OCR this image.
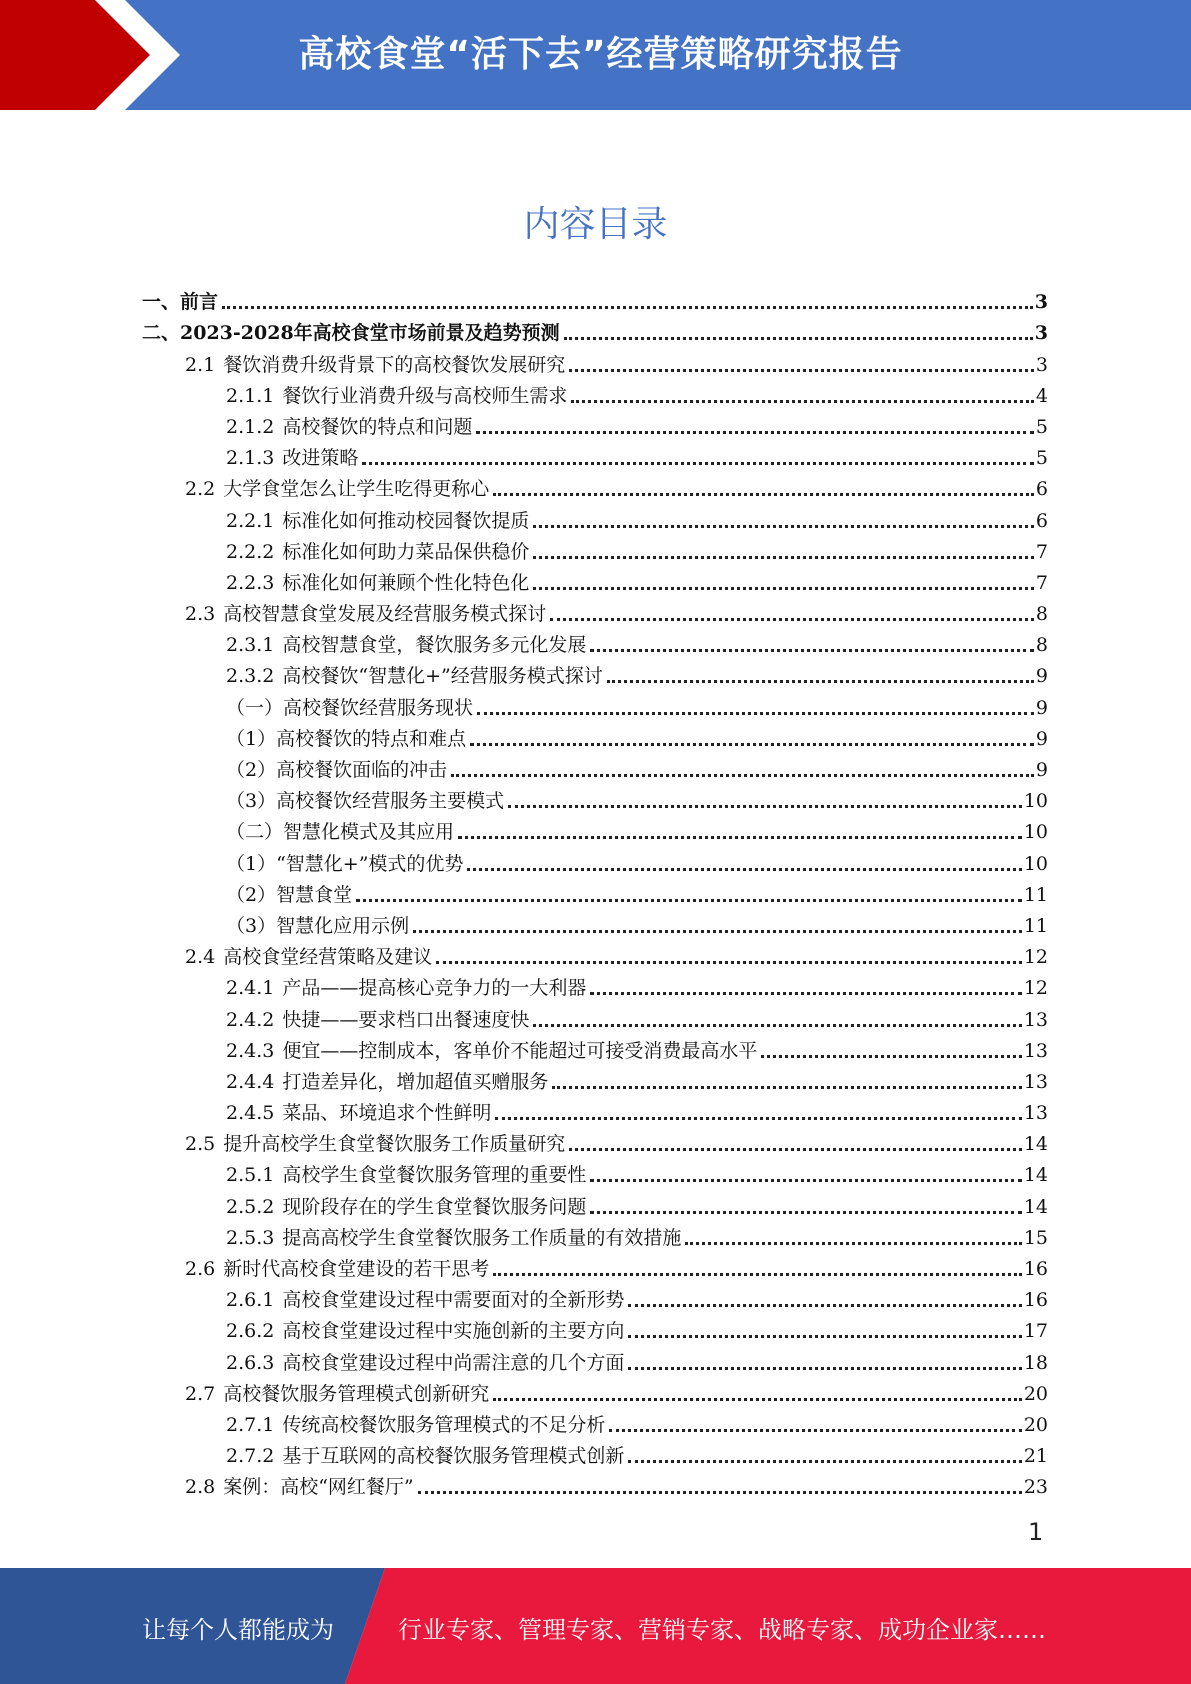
高校食堂“活下去”经营策略研究报告
内容目录
一、 前言	3
二、 2023-2028年高校食堂市场前景及趋势预测	3
2.1 餐饮消费升级背景下的高校餐饮发展研究	3
2.1.1 餐饮行业消费升级与高校师生需求	4
2.1.2 高校餐饮的特点和问题	5
2.1.3 改进策略	5
2.2 大学食堂怎么让学生吃得更称心	6
2.2.1 标准化如何推动校园餐饮提质	6
2.2.2 标准化如何助力菜品保供稳价	7
2.2.3 标准化如何兼顾个性化特色化	7
2.3 高校智慧食堂发展及经营服务模式探讨	8
2.3.1 高校智慧食堂，餐饮服务多元化发展	8
2.3.2 高校餐饮“智慧化+”经营服务模式探讨	9
（一）高校餐饮经营服务现状	9
（1）高校餐饮的特点和难点	9
（2）高校餐饮面临的冲击	9
（3）高校餐饮经营服务主要模式	10
（二）智慧化模式及其应用	10
（1）“智慧化+”模式的优势	10
（2）智慧食堂	11
（3）智慧化应用示例	11
2.4 高校食堂经营策略及建议	12
2.4.1 产品——提高核心竞争力的一大利器	12
2.4.2 快捷——要求档口出餐速度快	13
2.4.3 便宜——控制成本，客单价不能超过可接受消费最高水平	13
2.4.4 打造差异化，增加超值买赠服务	13
2.4.5 菜品、环境追求个性鲜明	13
2.5 提升高校学生食堂餐饮服务工作质量研究	14
2.5.1 高校学生食堂餐饮服务管理的重要性	14
2.5.2 现阶段存在的学生食堂餐饮服务问题	14
2.5.3 提高高校学生食堂餐饮服务工作质量的有效措施	15
2.6 新时代高校食堂建设的若干思考	16
2.6.1 高校食堂建设过程中需要面对的全新形势	16
2.6.2 高校食堂建设过程中实施创新的主要方向	17
2.6.3 高校食堂建设过程中尚需注意的几个方面	18
2.7 高校餐饮服务管理模式创新研究	20
2.7.1 传统高校餐饮服务管理模式的不足分析	20
2.7.2 基于互联网的高校餐饮服务管理模式创新	21
2.8 案例：高校“网红餐厅”	23
1
让每个人都能成为	行业专家、管理专家、营销专家、战略专家、成功企业家……
